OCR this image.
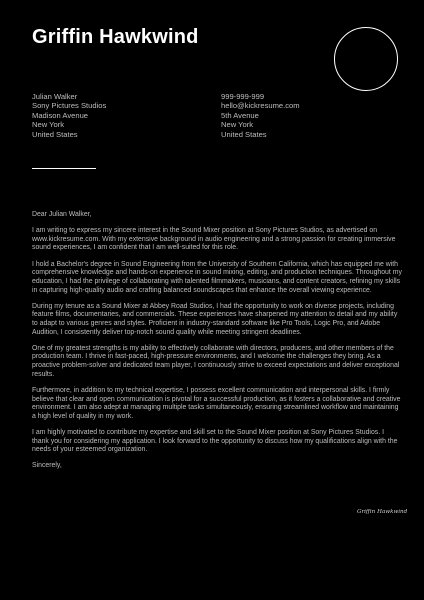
Griffin Hawkwind
Julian Walker
Sony Pictures Studios
Madison Avenue
New York
United States
999-999-999
hello@kickresume.com
5th Avenue
New York
United States

Dear Julian Walker,

I am writing to express my sincere interest in the Sound Mixer position at Sony Pictures Studios, as advertised on www.kickresume.com. With my extensive background in audio engineering and a strong passion for creating immersive sound experiences, I am confident that I am well-suited for this role.

I hold a Bachelor's degree in Sound Engineering from the University of Southern California, which has equipped me with comprehensive knowledge and hands-on experience in sound mixing, editing, and production techniques. Throughout my education, I had the privilege of collaborating with talented filmmakers, musicians, and content creators, refining my skills in capturing high-quality audio and crafting balanced soundscapes that enhance the overall viewing experience.

During my tenure as a Sound Mixer at Abbey Road Studios, I had the opportunity to work on diverse projects, including feature films, documentaries, and commercials. These experiences have sharpened my attention to detail and my ability to adapt to various genres and styles. Proficient in industry-standard software like Pro Tools, Logic Pro, and Adobe Audition, I consistently deliver top-notch sound quality while meeting stringent deadlines.

One of my greatest strengths is my ability to effectively collaborate with directors, producers, and other members of the production team. I thrive in fast-paced, high-pressure environments, and I welcome the challenges they bring. As a proactive problem-solver and dedicated team player, I continuously strive to exceed expectations and deliver exceptional results.

Furthermore, in addition to my technical expertise, I possess excellent communication and interpersonal skills. I firmly believe that clear and open communication is pivotal for a successful production, as it fosters a collaborative and creative environment. I am also adept at managing multiple tasks simultaneously, ensuring streamlined workflow and maintaining a high level of quality in my work.

I am highly motivated to contribute my expertise and skill set to the Sound Mixer position at Sony Pictures Studios. I thank you for considering my application. I look forward to the opportunity to discuss how my qualifications align with the needs of your esteemed organization.

Sincerely,

Griffin Hawkwind
